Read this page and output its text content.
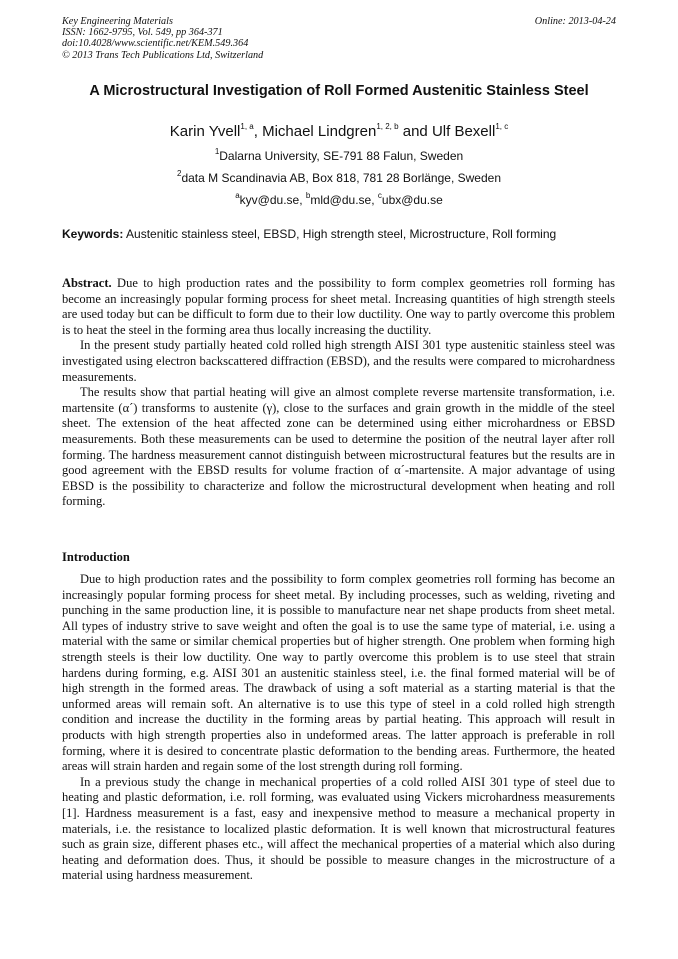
Key Engineering Materials
ISSN: 1662-9795, Vol. 549, pp 364-371
doi:10.4028/www.scientific.net/KEM.549.364
© 2013 Trans Tech Publications Ltd, Switzerland
Online: 2013-04-24
A Microstructural Investigation of Roll Formed Austenitic Stainless Steel
Karin Yvell$^{1, a}$, Michael Lindgren$^{1, 2, b}$ and Ulf Bexell$^{1, c}$
$^1$Dalarna University, SE-791 88 Falun, Sweden
$^2$data M Scandinavia AB, Box 818, 781 28 Borlänge, Sweden
$^a$kyv@du.se, $^b$mld@du.se, $^c$ubx@du.se
Keywords: Austenitic stainless steel, EBSD, High strength steel, Microstructure, Roll forming

Abstract. Due to high production rates and the possibility to form complex geometries roll forming has become an increasingly popular forming process for sheet metal. Increasing quantities of high strength steels are used today but can be difficult to form due to their low ductility. One way to partly overcome this problem is to heat the steel in the forming area thus locally increasing the ductility.

In the present study partially heated cold rolled high strength AISI 301 type austenitic stainless steel was investigated using electron backscattered diffraction (EBSD), and the results were compared to microhardness measurements.

The results show that partial heating will give an almost complete reverse martensite transformation, i.e. martensite (α´) transforms to austenite (γ), close to the surfaces and grain growth in the middle of the steel sheet. The extension of the heat affected zone can be determined using either microhardness or EBSD measurements. Both these measurements can be used to determine the position of the neutral layer after roll forming. The hardness measurement cannot distinguish between microstructural features but the results are in good agreement with the EBSD results for volume fraction of α´-martensite. A major advantage of using EBSD is the possibility to characterize and follow the microstructural development when heating and roll forming.

Introduction

Due to high production rates and the possibility to form complex geometries roll forming has become an increasingly popular forming process for sheet metal. By including processes, such as welding, riveting and punching in the same production line, it is possible to manufacture near net shape products from sheet metal. All types of industry strive to save weight and often the goal is to use the same type of material, i.e. using a material with the same or similar chemical properties but of higher strength. One problem when forming high strength steels is their low ductility. One way to partly overcome this problem is to use steel that strain hardens during forming, e.g. AISI 301 an austenitic stainless steel, i.e. the final formed material will be of high strength in the formed areas. The drawback of using a soft material as a starting material is that the unformed areas will remain soft. An alternative is to use this type of steel in a cold rolled high strength condition and increase the ductility in the forming areas by partial heating. This approach will result in products with high strength properties also in undeformed areas. The latter approach is preferable in roll forming, where it is desired to concentrate plastic deformation to the bending areas. Furthermore, the heated areas will strain harden and regain some of the lost strength during roll forming.

In a previous study the change in mechanical properties of a cold rolled AISI 301 type of steel due to heating and plastic deformation, i.e. roll forming, was evaluated using Vickers microhardness measurements [1]. Hardness measurement is a fast, easy and inexpensive method to measure a mechanical property in materials, i.e. the resistance to localized plastic deformation. It is well known that microstructural features such as grain size, different phases etc., will affect the mechanical properties of a material which also during heating and deformation does. Thus, it should be possible to measure changes in the microstructure of a material using hardness measurement.
